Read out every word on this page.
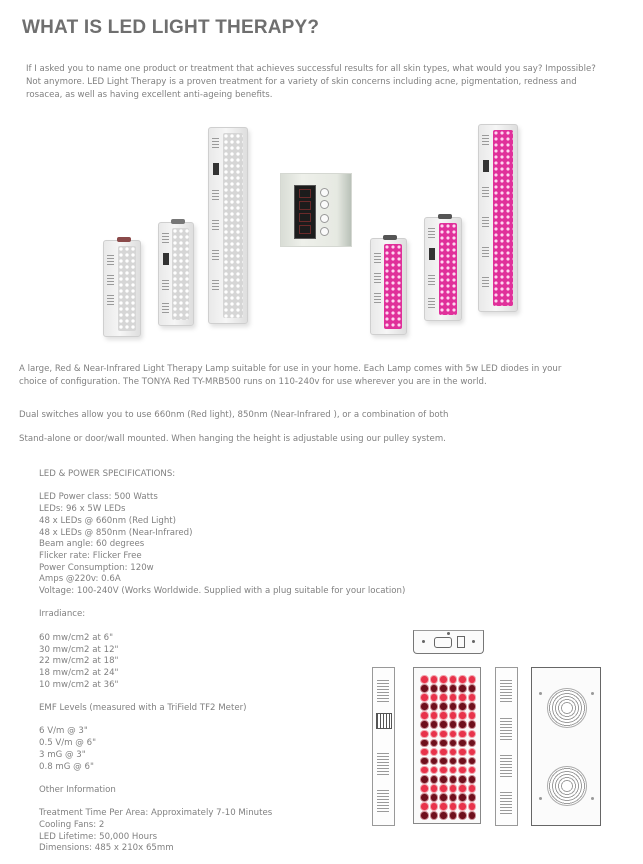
WHAT IS LED LIGHT THERAPY?

If I asked you to name one product or treatment that achieves successful results for all skin types, what would you say? Impossible? Not anymore. LED Light Therapy is a proven treatment for a variety of skin concerns including acne, pigmentation, redness and rosacea, as well as having excellent anti-ageing benefits.

A large, Red & Near-Infrared Light Therapy Lamp suitable for use in your home. Each Lamp comes with 5w LED diodes in your choice of configuration. The TONYA Red TY-MRB500 runs on 110-240v for use wherever you are in the world.

Dual switches allow you to use 660nm (Red light), 850nm (Near-Infrared ), or a combination of both

Stand-alone or door/wall mounted. When hanging the height is adjustable using our pulley system.

LED & POWER SPECIFICATIONS:

LED Power class: 500 Watts

LEDs: 96 x 5W LEDs

48 x LEDs @ 660nm (Red Light)

48 x LEDs @ 850nm (Near-Infrared)

Beam angle: 60 degrees

Flicker rate: Flicker Free

Power Consumption: 120w

Amps @220v: 0.6A

Voltage: 100-240V (Works Worldwide. Supplied with a plug suitable for your location)

Irradiance:

60 mw/cm2 at 6"

30 mw/cm2 at 12"

22 mw/cm2 at 18"

18 mw/cm2 at 24"

10 mw/cm2 at 36"

EMF Levels (measured with a TriField TF2 Meter)

6 V/m @ 3"

0.5 V/m @ 6"

3 mG @ 3"

0.8 mG @ 6"

Other Information

Treatment Time Per Area: Approximately 7-10 Minutes

Cooling Fans: 2

LED Lifetime: 50,000 Hours

Dimensions: 485 x 210x 65mm
